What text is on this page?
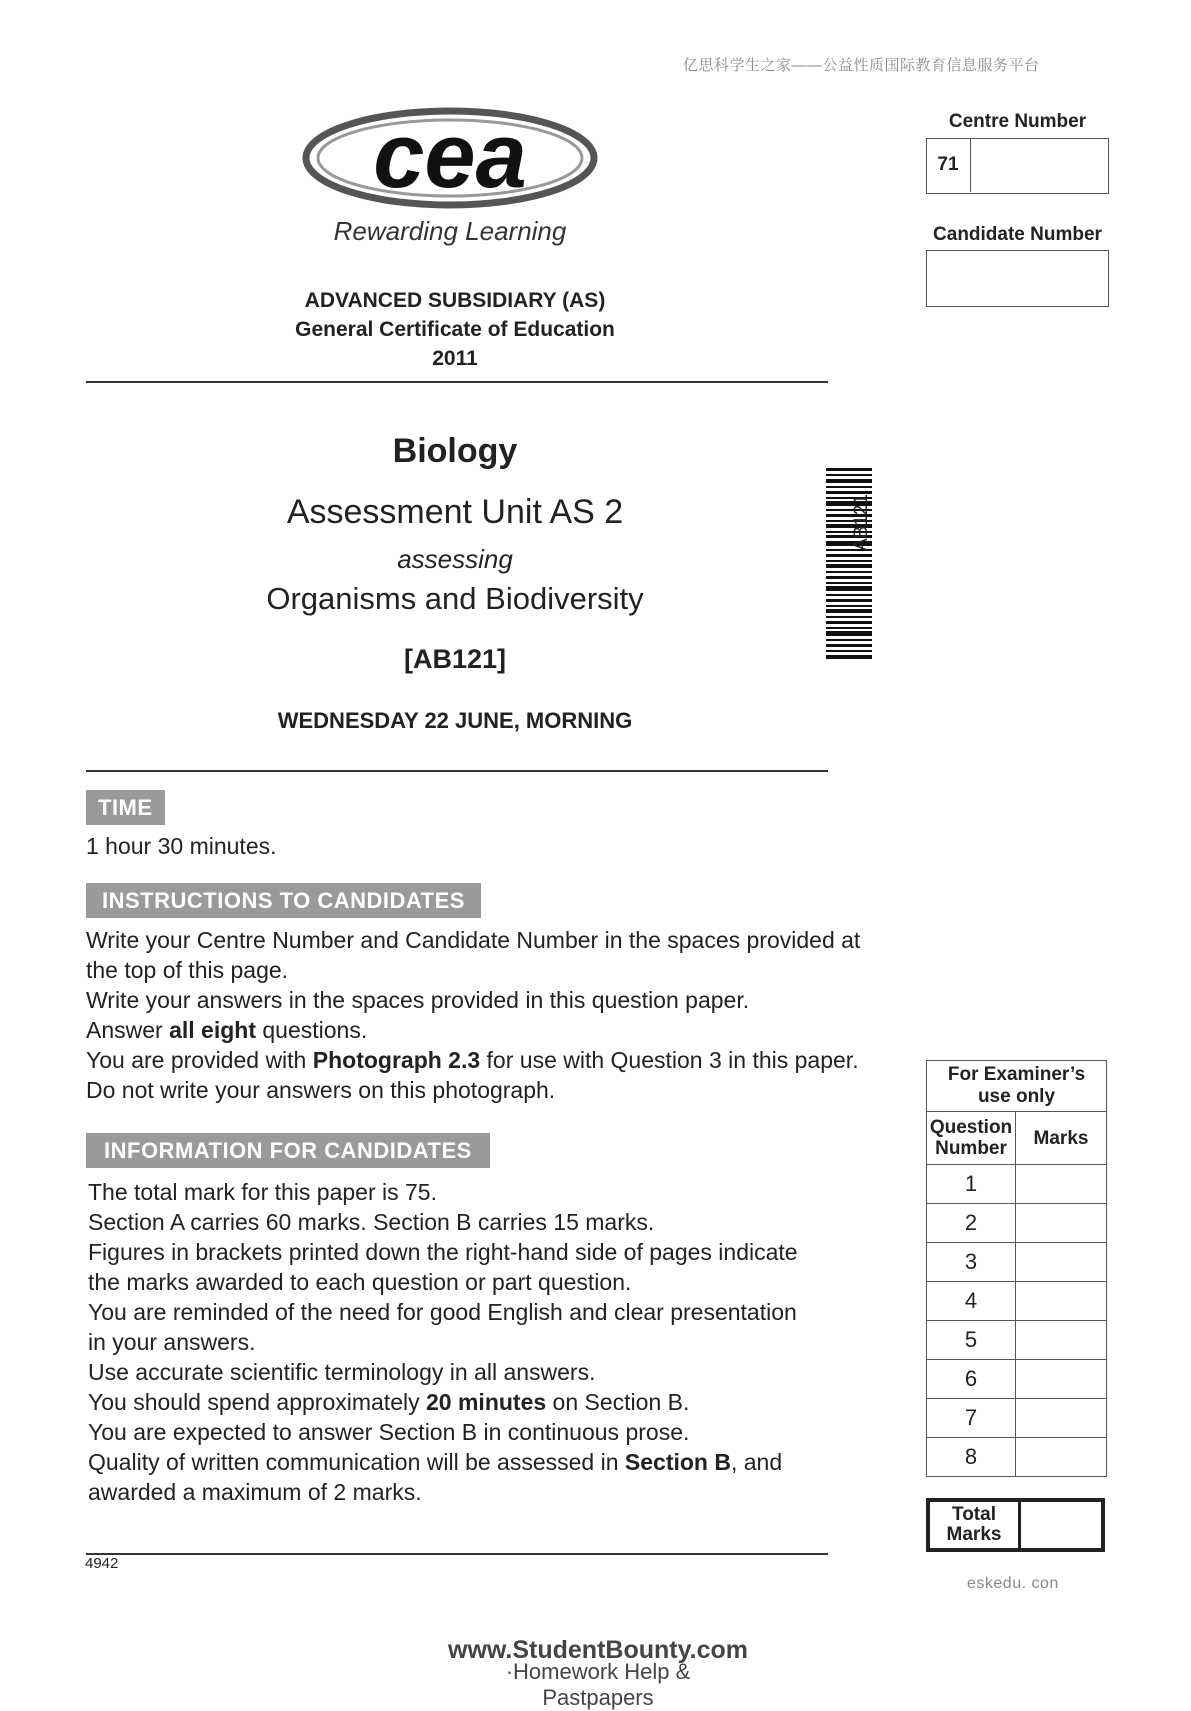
亿思科学生之家——公益性质国际教育信息服务平台
cea
Rewarding Learning
ADVANCED SUBSIDIARY (AS)
General Certificate of Education
2011
Biology
Assessment Unit AS 2
assessing
Organisms and Biodiversity
[AB121]
WEDNESDAY 22 JUNE, MORNING
AB121
Centre Number
71
Candidate Number
TIME
1 hour 30 minutes.
INSTRUCTIONS TO CANDIDATES
Write your Centre Number and Candidate Number in the spaces provided at
the top of this page.
Write your answers in the spaces provided in this question paper.
Answer all eight questions.
You are provided with Photograph 2.3 for use with Question 3 in this paper.
Do not write your answers on this photograph.
INFORMATION FOR CANDIDATES
The total mark for this paper is 75.
Section A carries 60 marks. Section B carries 15 marks.
Figures in brackets printed down the right-hand side of pages indicate
the marks awarded to each question or part question.
You are reminded of the need for good English and clear presentation
in your answers.
Use accurate scientific terminology in all answers.
You should spend approximately 20 minutes on Section B.
You are expected to answer Section B in continuous prose.
Quality of written communication will be assessed in Section B, and
awarded a maximum of 2 marks.
For Examiner’s
use only	

Question
Number	Marks
1	
2	
3	
4	
5	
6	
7	
8	
Total
Marks
eskedu. con
4942
www.StudentBounty.com
·Homework Help & Pastpapers
